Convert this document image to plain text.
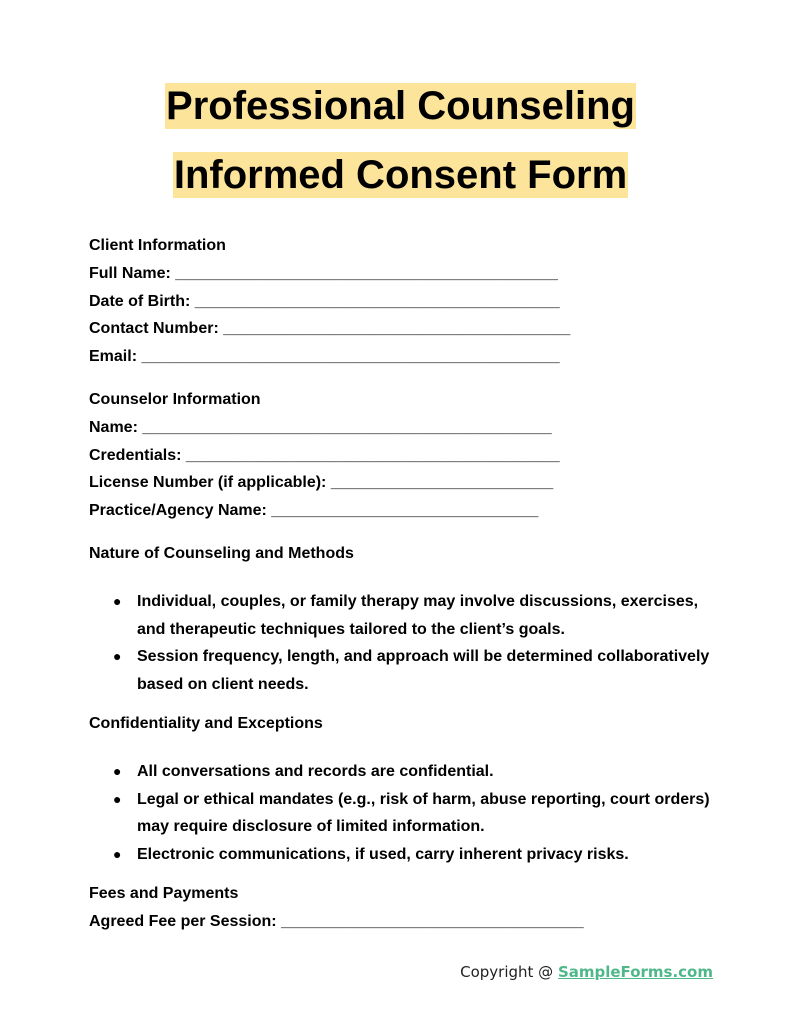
Professional Counseling
Informed Consent Form
Client Information
Full Name: ___________________________________________
Date of Birth: _________________________________________
Contact Number: _______________________________________
Email: _______________________________________________
Counselor Information
Name: ______________________________________________
Credentials: __________________________________________
License Number (if applicable): _________________________
Practice/Agency Name: ______________________________
Nature of Counseling and Methods
● Individual, couples, or family therapy may involve discussions, exercises, and therapeutic techniques tailored to the client’s goals.
● Session frequency, length, and approach will be determined collaboratively based on client needs.
Confidentiality and Exceptions
● All conversations and records are confidential.
● Legal or ethical mandates (e.g., risk of harm, abuse reporting, court orders) may require disclosure of limited information.
● Electronic communications, if used, carry inherent privacy risks.
Fees and Payments
Agreed Fee per Session: __________________________________
Copyright @ SampleForms.com
